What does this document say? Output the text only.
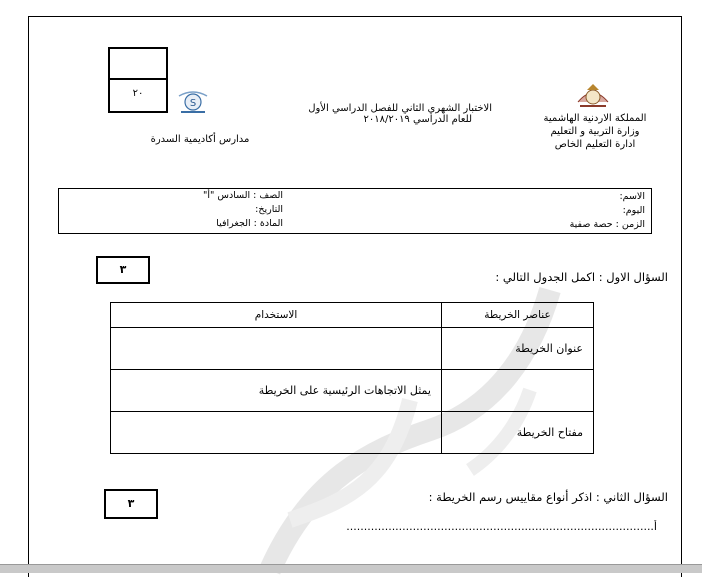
٢٠
S
مدارس أكاديمية السدرة
الاختبار الشهري الثاني للفصل الدراسي الأول
للعام الدراسي ٢٠١٨/٢٠١٩	المملكة الاردنية الهاشمية
وزارة التربية و التعليم
ادارة التعليم الخاص
الاسم:
اليوم:
الزمن : حصة صفية
الصف : السادس "أ"
التاريخ:
المادة : الجغرافيا
٣
السؤال الاول : اكمل الجدول التالي :
عناصر الخريطة	الاستخدام
عنوان الخريطة	
	يمثل الاتجاهات الرئيسية على الخريطة
مفتاح الخريطة	
٣	السؤال الثاني : اذكر أنواع مقاييس رسم الخريطة :
أ........................................................................................
